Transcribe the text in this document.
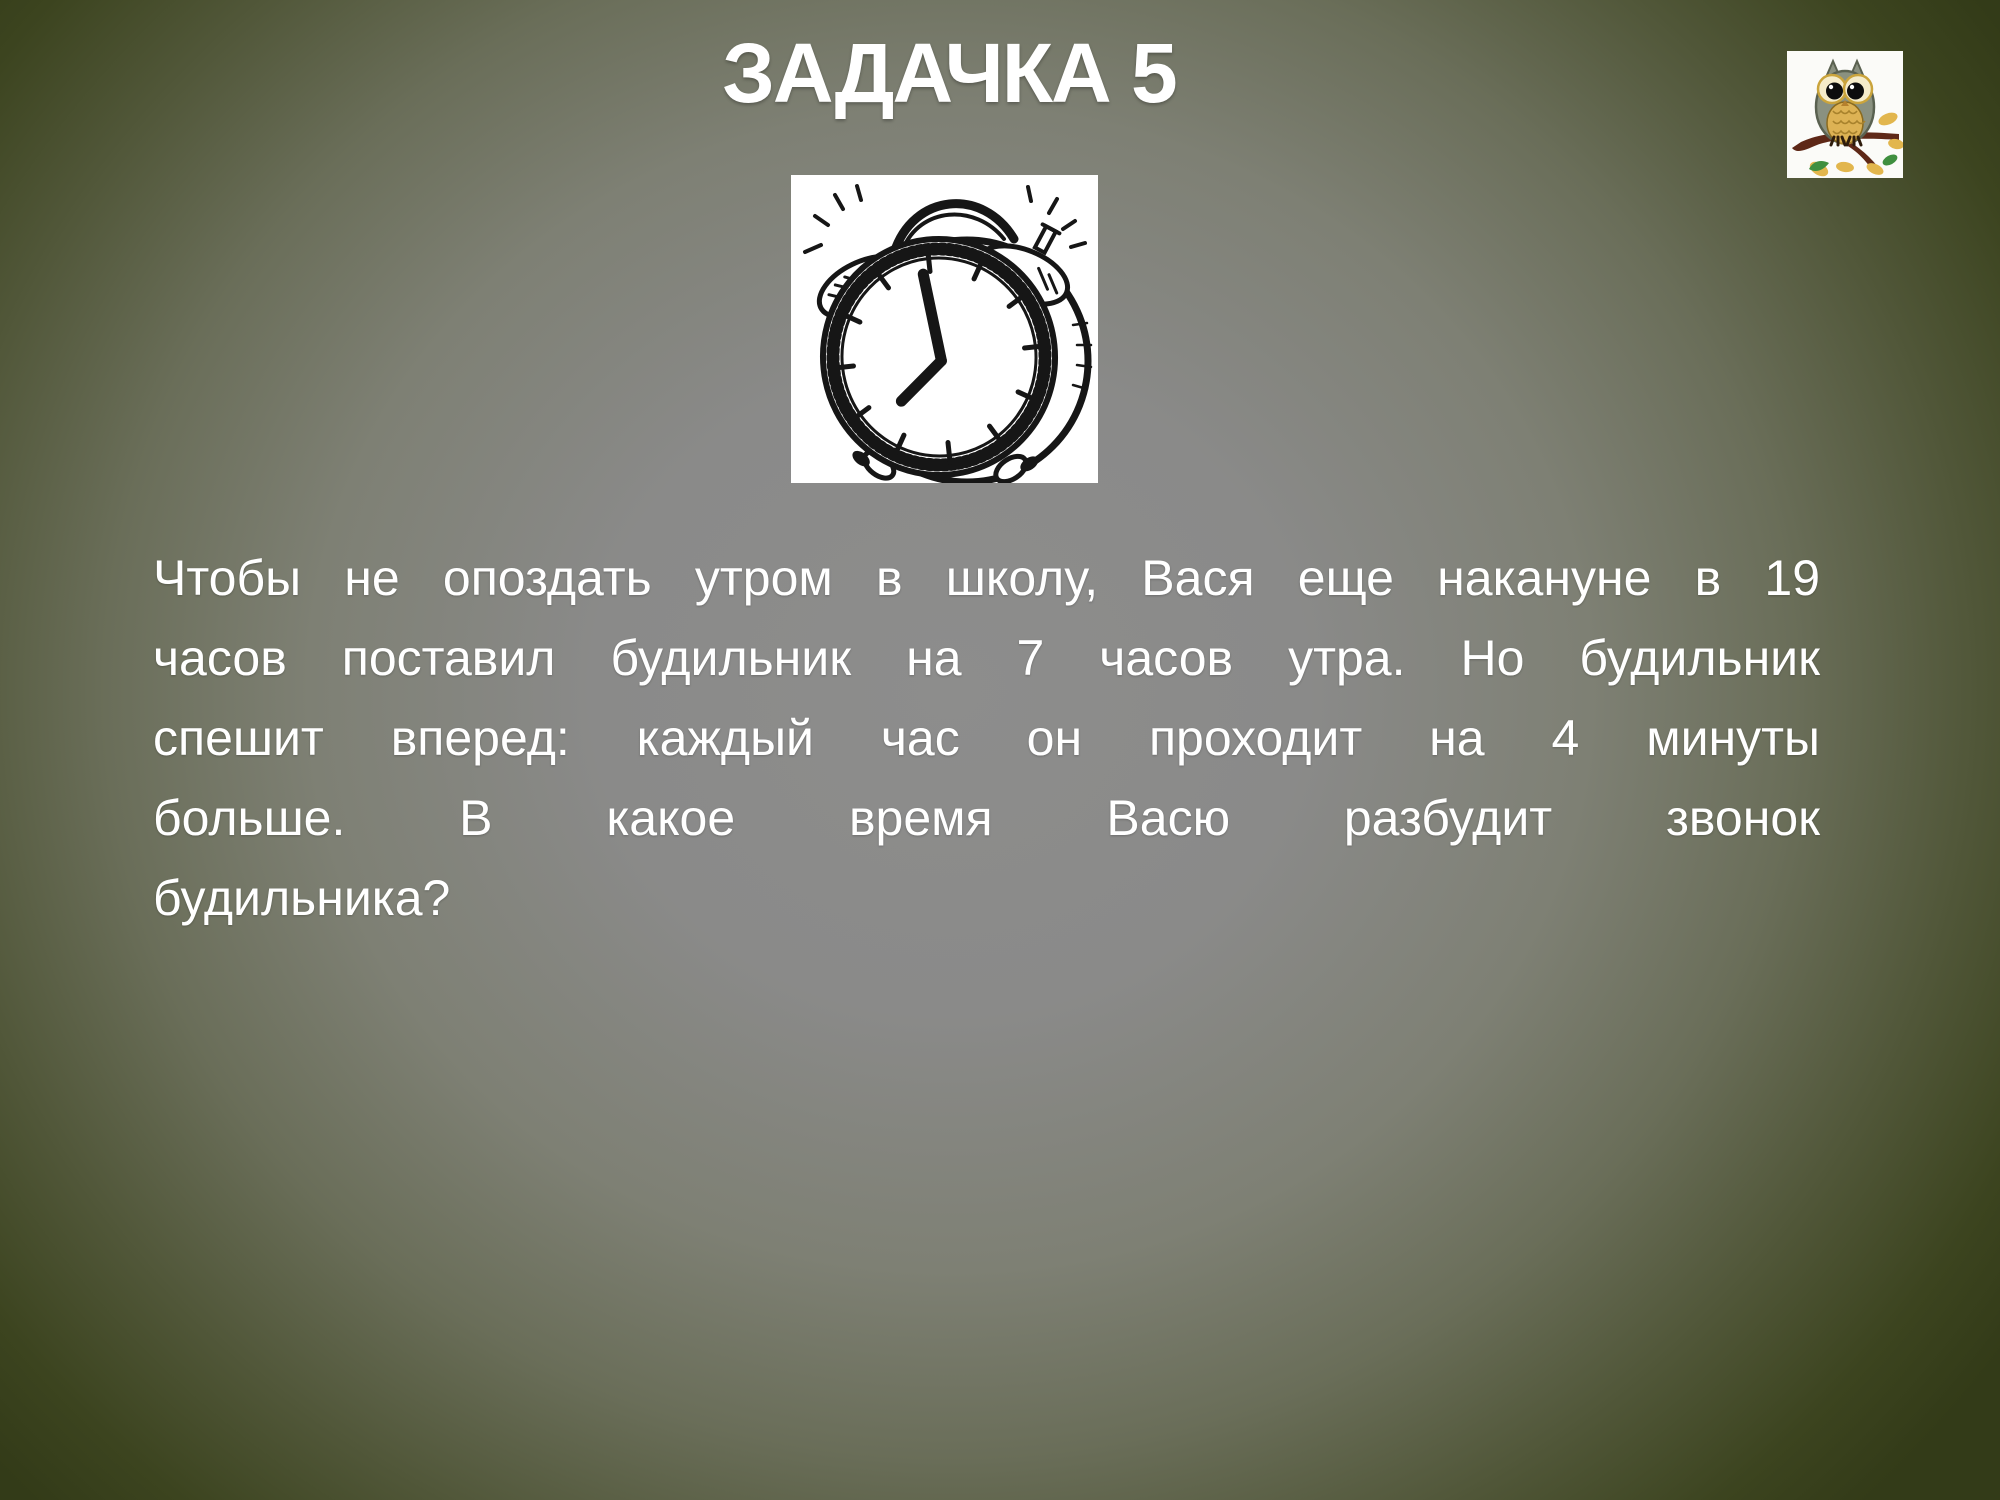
ЗАДАЧКА 5
Чтобы не опоздать утром в школу, Вася еще накануне в 19
часов поставил будильник на 7 часов утра. Но будильник
спешит вперед: каждый час он проходит на 4 минуты
больше. В какое время Васю разбудит звонок
будильника?
